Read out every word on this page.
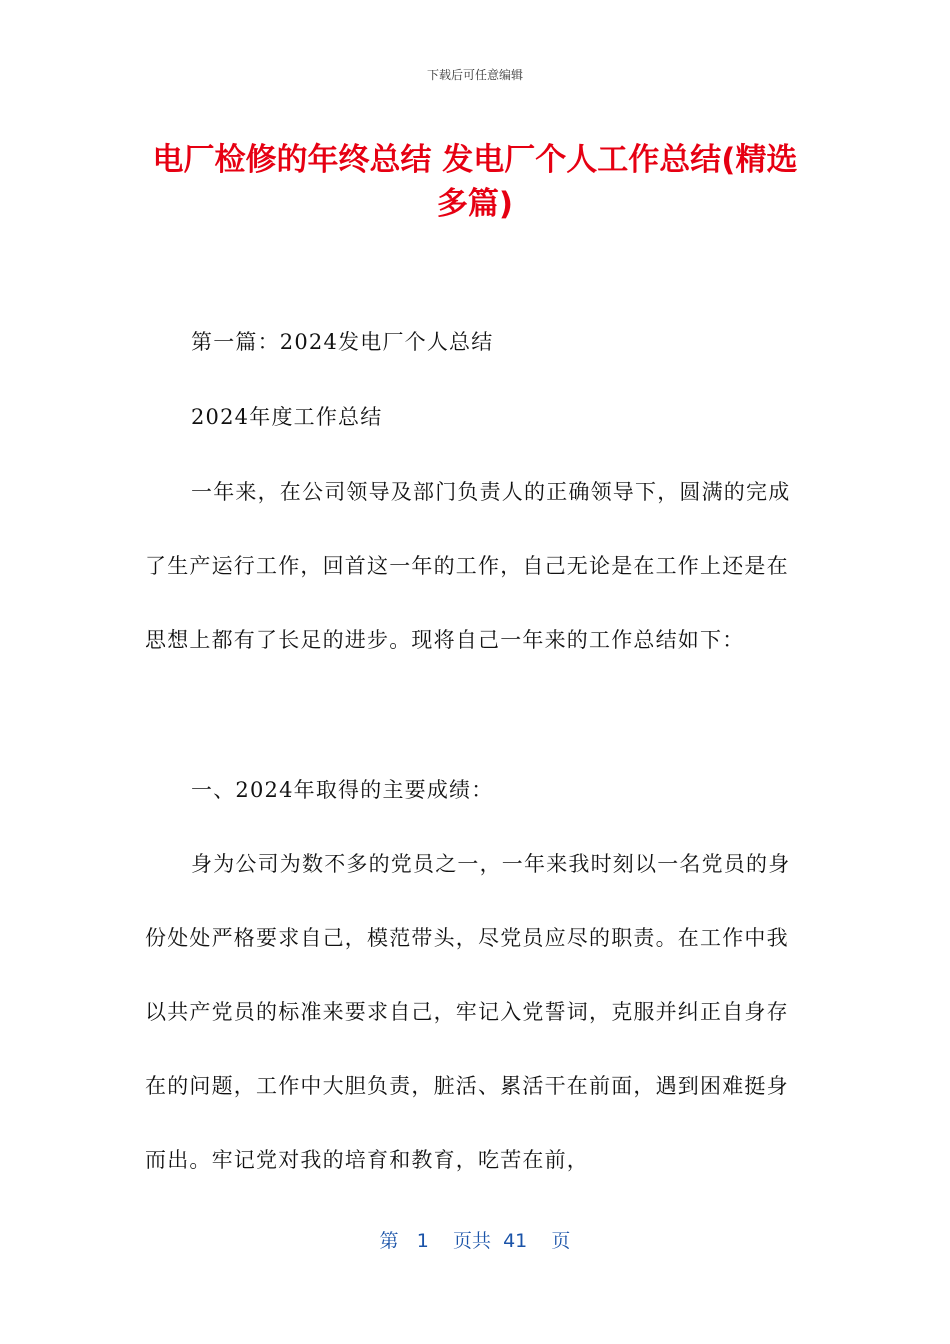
下载后可任意编辑
电厂检修的年终总结 发电厂个人工作总结(精选多篇)

第一篇：2024发电厂个人总结

2024年度工作总结

一年来，在公司领导及部门负责人的正确领导下，圆满的完成了生产运行工作，回首这一年的工作，自己无论是在工作上还是在思想上都有了长足的进步。现将自己一年来的工作总结如下：

一、2024年取得的主要成绩：

身为公司为数不多的党员之一，一年来我时刻以一名党员的身份处处严格要求自己，模范带头，尽党员应尽的职责。在工作中我以共产党员的标准来要求自己，牢记入党誓词，克服并纠正自身存在的问题，工作中大胆负责，脏活、累活干在前面，遇到困难挺身而出。牢记党对我的培育和教育，吃苦在前，

第 1 页共 41 页
